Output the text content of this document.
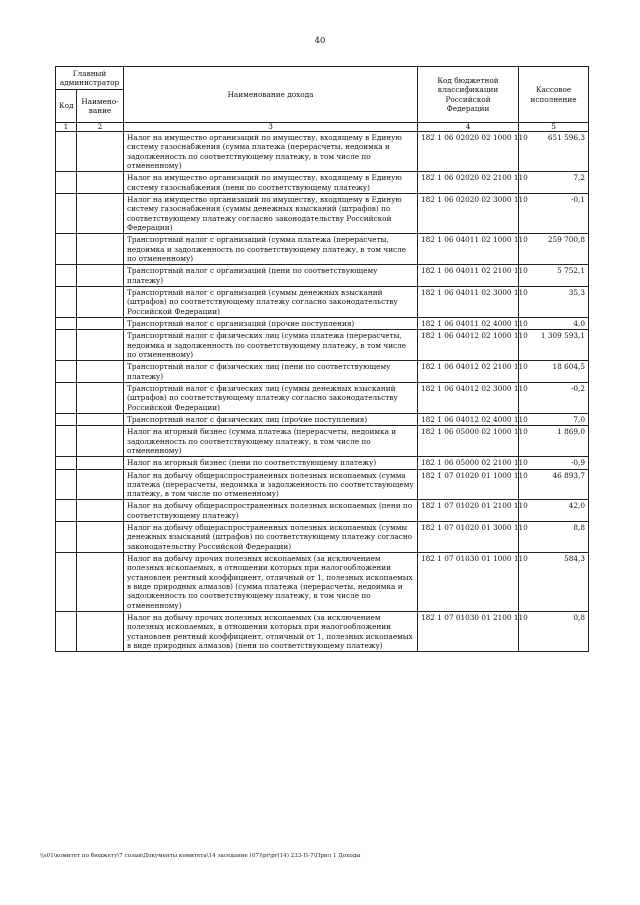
40
Главный администратор		Наименование дохода	Код бюджетной классификации Российской Федерации	Кассовое исполнение
Код	Наимено-вание			
1	2	3	4	5
		Налог на имущество организаций по имуществу, входящему в Единую систему газоснабжения (сумма платежа (перерасчеты, недоимка и задолженность по соответствующему платежу, в том числе по отмененному)	182 1 06 02020 02 1000 110	651 596,3
		Налог на имущество организаций по имуществу, входящему в Единую систему газоснабжения (пени по соответствующему платежу)	182 1 06 02020 02 2100 110	7,2
		Налог на имущество организаций по имуществу, входящему в Единую систему газоснабжения (суммы денежных взысканий (штрафов) по соответствующему платежу согласно законодательству Российской Федерации)	182 1 06 02020 02 3000 110	-0,1
		Транспортный налог с организаций (сумма платежа (перерасчеты, недоимка и задолженность по соответствующему платежу, в том числе по отмененному)	182 1 06 04011 02 1000 110	259 700,8
		Транспортный налог с организаций (пени по соответствующему платежу)	182 1 06 04011 02 2100 110	5 752,1
		Транспортный налог с организаций (суммы денежных взысканий (штрафов) по соответствующему платежу согласно законодательству Российской Федерации)	182 1 06 04011 02 3000 110	35,3
		Транспортный налог с организаций (прочие поступления)	182 1 06 04011 02 4000 110	4,0
		Транспортный налог с физических лиц (сумма платежа (перерасчеты, недоимка и задолженность по соответствующему платежу, в том числе по отмененному)	182 1 06 04012 02 1000 110	1 309 593,1
		Транспортный налог с физических лиц (пени по соответствующему платежу)	182 1 06 04012 02 2100 110	18 604,5
		Транспортный налог с физических лиц (суммы денежных взысканий (штрафов) по соответствующему платежу согласно законодательству Российской Федерации)	182 1 06 04012 02 3000 110	-0,2
		Транспортный налог с физических лиц (прочие поступления)	182 1 06 04012 02 4000 110	7,0
		Налог на игорный бизнес (сумма платежа (перерасчеты, недоимка и задолженность по соответствующему платежу, в том числе по отмененному)	182 1 06 05000 02 1000 110	1 869,0
		Налог на игорный бизнес (пени по соответствующему платежу)	182 1 06 05000 02 2100 110	-0,9
		Налог на добычу общераспространенных полезных ископаемых (сумма платежа (перерасчеты, недоимка и задолженность по соответствующему платежу, в том числе по отмененному)	182 1 07 01020 01 1000 110	46 893,7
		Налог на добычу общераспространенных полезных ископаемых (пени по соответствующему платежу)	182 1 07 01020 01 2100 110	42,0
		Налог на добычу общераспространенных полезных ископаемых (суммы денежных взысканий (штрафов) по соответствующему платежу согласно законодательству Российской Федерации)	182 1 07 01020 01 3000 110	8,8
		Налог на добычу прочих полезных ископаемых (за исключением полезных ископаемых, в отношении которых при налогообложении установлен рентный коэффициент, отличный от 1, полезных ископаемых в виде природных алмазов) (сумма платежа (перерасчеты, недоимка и задолженность по соответствующему платежу, в том числе по отмененному)	182 1 07 01030 01 1000 110	584,3
		Налог на добычу прочих полезных ископаемых (за исключением полезных ископаемых, в отношении которых при налогообложении установлен рентный коэффициент, отличный от 1, полезных ископаемых в виде природных алмазов) (пени по соответствующему платежу)	182 1 07 01030 01 2100 110	0,8
\\s01\комитет по бюджету\7 созыв\Документы комитета\14 заседание (07)\pr\pr(14) 233-П-7\Прил 1 Доходы
